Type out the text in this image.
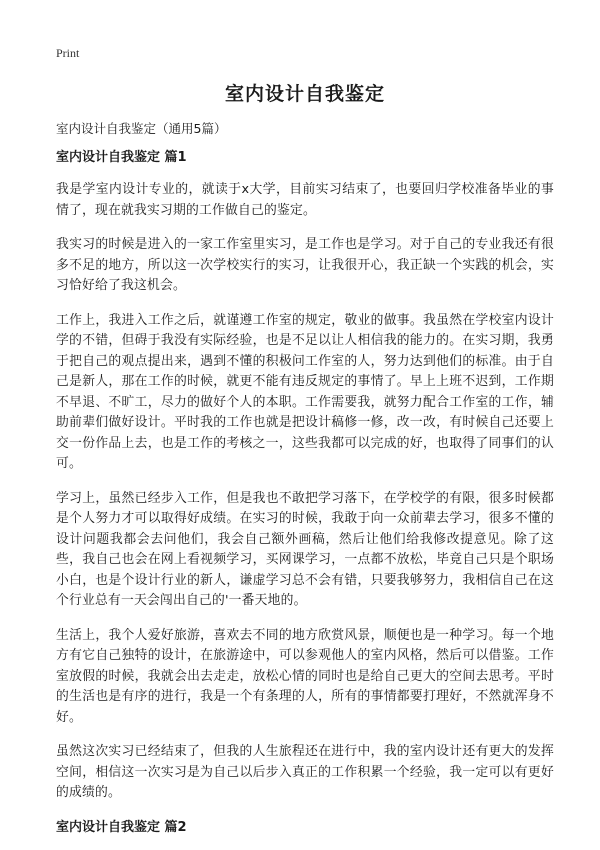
Print
室内设计自我鉴定

室内设计自我鉴定（通用5篇）

室内设计自我鉴定 篇1

我是学室内设计专业的，就读于x大学，目前实习结束了，也要回归学校准备毕业的事情了，现在就我实习期的工作做自己的鉴定。

我实习的时候是进入的一家工作室里实习，是工作也是学习。对于自己的专业我还有很多不足的地方，所以这一次学校实行的实习，让我很开心，我正缺一个实践的机会，实习恰好给了我这机会。

工作上，我进入工作之后，就谨遵工作室的规定，敬业的做事。我虽然在学校室内设计学的不错，但碍于我没有实际经验，也是不足以让人相信我的能力的。在实习期，我勇于把自己的观点提出来，遇到不懂的积极问工作室的人，努力达到他们的标准。由于自己是新人，那在工作的时候，就更不能有违反规定的事情了。早上上班不迟到，工作期不早退、不旷工，尽力的做好个人的本职。工作需要我，就努力配合工作室的工作，辅助前辈们做好设计。平时我的工作也就是把设计稿修一修，改一改，有时候自己还要上交一份作品上去，也是工作的考核之一，这些我都可以完成的好，也取得了同事们的认可。

学习上，虽然已经步入工作，但是我也不敢把学习落下，在学校学的有限，很多时候都是个人努力才可以取得好成绩。在实习的时候，我敢于向一众前辈去学习，很多不懂的设计问题我都会去问他们，我会自己额外画稿，然后让他们给我修改提意见。除了这些，我自己也会在网上看视频学习，买网课学习，一点都不放松，毕竟自己只是个职场小白，也是个设计行业的新人，谦虚学习总不会有错，只要我够努力，我相信自己在这个行业总有一天会闯出自己的'一番天地的。

生活上，我个人爱好旅游，喜欢去不同的地方欣赏风景，顺便也是一种学习。每一个地方有它自己独特的设计，在旅游途中，可以参观他人的室内风格，然后可以借鉴。工作室放假的时候，我就会出去走走，放松心情的同时也是给自己更大的空间去思考。平时的生活也是有序的进行，我是一个有条理的人，所有的事情都要打理好，不然就浑身不好。

虽然这次实习已经结束了，但我的人生旅程还在进行中，我的室内设计还有更大的发挥空间，相信这一次实习是为自己以后步入真正的工作积累一个经验，我一定可以有更好的成绩的。

室内设计自我鉴定 篇2
